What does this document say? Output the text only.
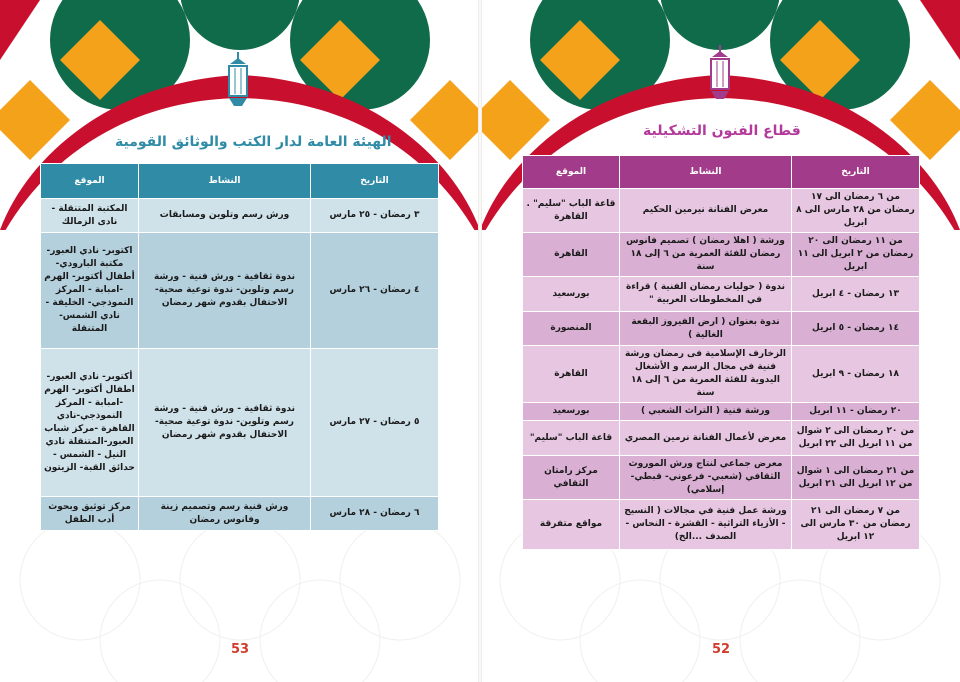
الهيئة العامة لدار الكتب والوثائق القومية
قطاع الفنون التشكيلية
التاريخ	النشاط	الموقع
٣ رمضان - ٢٥ مارس	ورش رسم وتلوين ومسابقات	المكتبة المتنقلة - نادى الزمالك
٤ رمضان - ٢٦ مارس	ندوة ثقافية - ورش فنية - ورشة رسم وتلوين- ندوة توعية صحية- الاحتفال بقدوم شهر رمضان	اكتوبر- نادي العبور- مكتبة البارودي- أطفال أكتوبر- الهرم -امبابة - المركز النموذجي- الخليفة - نادي الشمس- المتنقلة
٥ رمضان - ٢٧ مارس	ندوة ثقافية - ورش فنية - ورشة رسم وتلوين- ندوة توعية صحية- الاحتفال بقدوم شهر رمضان	أكتوبر- نادي العبور- اطفال أكتوبر- الهرم -امبابة - المركز النموذجي-نادي القاهرة -مركز شباب العبور-المتنقلة نادي النيل - الشمس - حدائق القبة- الزيتون
٦ رمضان - ٢٨ مارس	ورش فنية رسم وتصميم زينة وفانوس رمضان	مركز توثيق وبحوث أدب الطفل
التاريخ	النشاط	الموقع
من ٦ رمضان الى ١٧ رمضان من ٢٨ مارس الى ٨ ابريل	معرض الفنانة نيرمين الحكيم	قاعة الباب "سليم" . القاهرة
من ١١ رمضان الى ٢٠ رمضان من ٢ ابريل الى ١١ ابريل	ورشة ( اهلا رمضان ) تصميم فانوس رمضان للفئة العمرية من ٦ إلى ١٨ سنة	القاهرة
١٣ رمضان - ٤ ابريل	ندوة ( حوليات رمضان الفنية ) قراءة في المخطوطات العربية "	بورسعيد
١٤ رمضان - ٥ ابريل	ندوة بعنوان ( ارض الفيروز البقعة الغالية )	المنصورة
١٨ رمضان - ٩ ابريل	الزخارف الإسلامية فى رمضان ورشة فنية في مجال الرسم و الأشغال اليدوية للفئة العمرية من ٦ إلى ١٨ سنة	القاهرة
٢٠ رمضان - ١١ ابريل	ورشة فنية ( التراث الشعبي )	بورسعيد
من ٢٠ رمضان الى ٢ شوال من ١١ ابريل الى ٢٢ ابريل	معرض لأعمال الفنانة نرمين المصري	قاعة الباب "سليم"
من ٢١ رمضان الى ١ شوال من ١٢ ابريل الى ٢١ ابريل	معرض جماعي لنتاج ورش الموروث الثقافي (شعبي- فرعوني- قبطي- إسلامي)	مركز رامتان الثقافي
من ٧ رمضان الى ٢١ رمضان من ٣٠ مارس الى ١٢ ابريل	ورشة عمل فنية في مجالات ( النسيج - الأزياء التراثية - القشرة - النحاس - الصدف ...الخ)	مواقع متفرقة
53	52
